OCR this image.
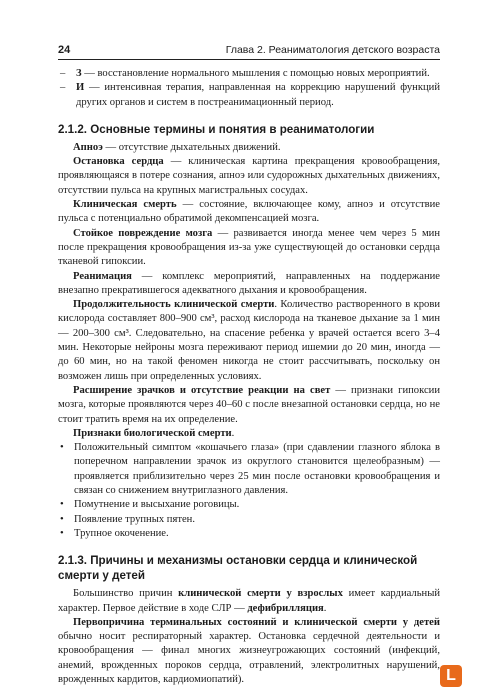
24	Глава 2. Реаниматология детского возраста
–	З — восстановление нормального мышления с помощью новых мероприятий.
–	И — интенсивная терапия, направленная на коррекцию нарушений функций других органов и систем в постреанимационный период.

2.1.2. Основные термины и понятия в реаниматологии

Апноэ — отсутствие дыхательных движений.

Остановка сердца — клиническая картина прекращения кровообращения, проявляющаяся в потере сознания, апноэ или судорожных дыхательных движениях, отсутствии пульса на крупных магистральных сосудах.

Клиническая смерть — состояние, включающее кому, апноэ и отсутствие пульса с потенциально обратимой декомпенсацией мозга.

Стойкое повреждение мозга — развивается иногда менее чем через 5 мин после прекращения кровообращения из-за уже существующей до остановки сердца тканевой гипоксии.

Реанимация — комплекс мероприятий, направленных на поддержание внезапно прекратившегося адекватного дыхания и кровообращения.

Продолжительность клинической смерти. Количество растворенного в крови кислорода составляет 800–900 см³, расход кислорода на тканевое дыхание за 1 мин — 200–300 см³. Следовательно, на спасение ребенка у врачей остается всего 3–4 мин. Некоторые нейроны мозга переживают период ишемии до 20 мин, иногда — до 60 мин, но на такой феномен никогда не стоит рассчитывать, поскольку он возможен лишь при определенных условиях.

Расширение зрачков и отсутствие реакции на свет — признаки гипоксии мозга, которые проявляются через 40–60 с после внезапной остановки сердца, но не стоит тратить время на их определение.

Признаки биологической смерти.

• Положительный симптом «кошачьего глаза» (при сдавлении глазного яблока в поперечном направлении зрачок из округлого становится щелеобразным) — проявляется приблизительно через 25 мин после остановки кровообращения и связан со снижением внутриглазного давления.
• Помутнение и высыхание роговицы.
• Появление трупных пятен.
• Трупное окоченение.

2.1.3. Причины и механизмы остановки сердца и клинической смерти у детей

Большинство причин клинической смерти у взрослых имеет кардиальный характер. Первое действие в ходе СЛР — дефибрилляция.

Первопричина терминальных состояний и клинической смерти у детей обычно носит респираторный характер. Остановка сердечной деятельности и кровообращения — финал многих жизнеугрожающих состояний (инфекций, анемий, врожденных пороков сердца, отравлений, электролитных нарушений, врожденных кардитов, кардиомиопатий).	L
